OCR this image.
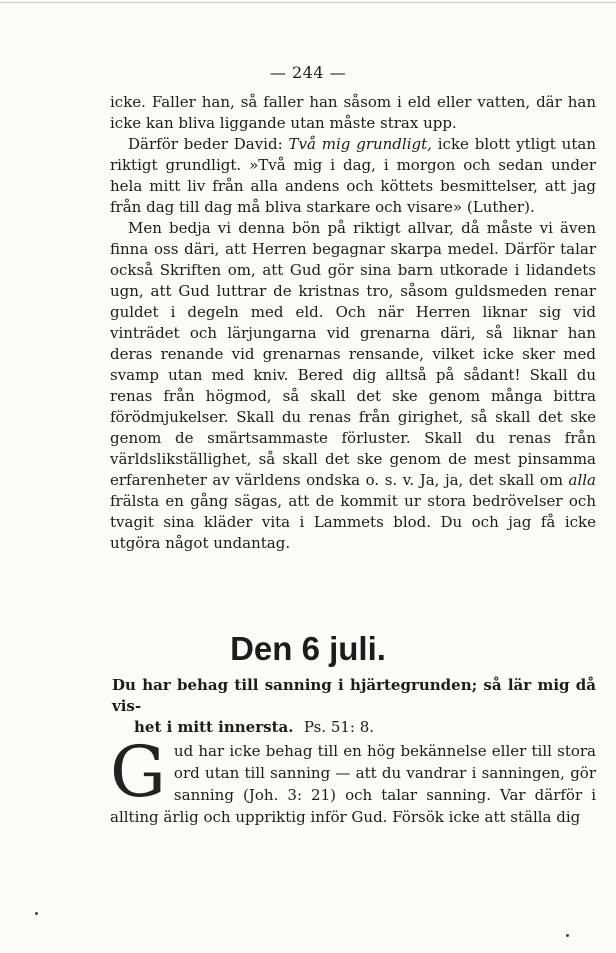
— 244 —

icke. Faller han, så faller han såsom i eld eller vatten, där han icke kan bliva liggande utan måste strax upp.

Därför beder David: Två mig grundligt, icke blott ytligt utan riktigt grundligt. »Två mig i dag, i morgon och sedan under hela mitt liv från alla andens och köttets besmittelser, att jag från dag till dag må bliva starkare och visare» (Luther).

Men bedja vi denna bön på riktigt allvar, då måste vi även finna oss däri, att Herren begagnar skarpa medel. Därför talar också Skriften om, att Gud gör sina barn utkorade i lidandets ugn, att Gud luttrar de kristnas tro, såsom guldsmeden renar guldet i degeln med eld. Och när Herren liknar sig vid vinträdet och lärjungarna vid grenarna däri, så liknar han deras renande vid grenarnas rensande, vilket icke sker med svamp utan med kniv. Bered dig alltså på sådant! Skall du renas från högmod, så skall det ske genom många bittra förödmjukelser. Skall du renas från girighet, så skall det ske genom de smärtsammaste förluster. Skall du renas från världslikställighet, så skall det ske genom de mest pinsamma erfarenheter av världens ondska o. s. v. Ja, ja, det skall om alla frälsta en gång sägas, att de kommit ur stora bedrövelser och tvagit sina kläder vita i Lammets blod. Du och jag få icke utgöra något undantag.

Den 6 juli.

Du har behag till sanning i hjärtegrunden; så lär mig då vis-
het i mitt innersta. Ps. 51: 8.

Gud har icke behag till en hög bekännelse eller till stora ord utan till sanning — att du vandrar i sanningen, gör sanning (Joh. 3: 21) och talar sanning. Var därför i allting ärlig och uppriktig inför Gud. Försök icke att ställa dig
